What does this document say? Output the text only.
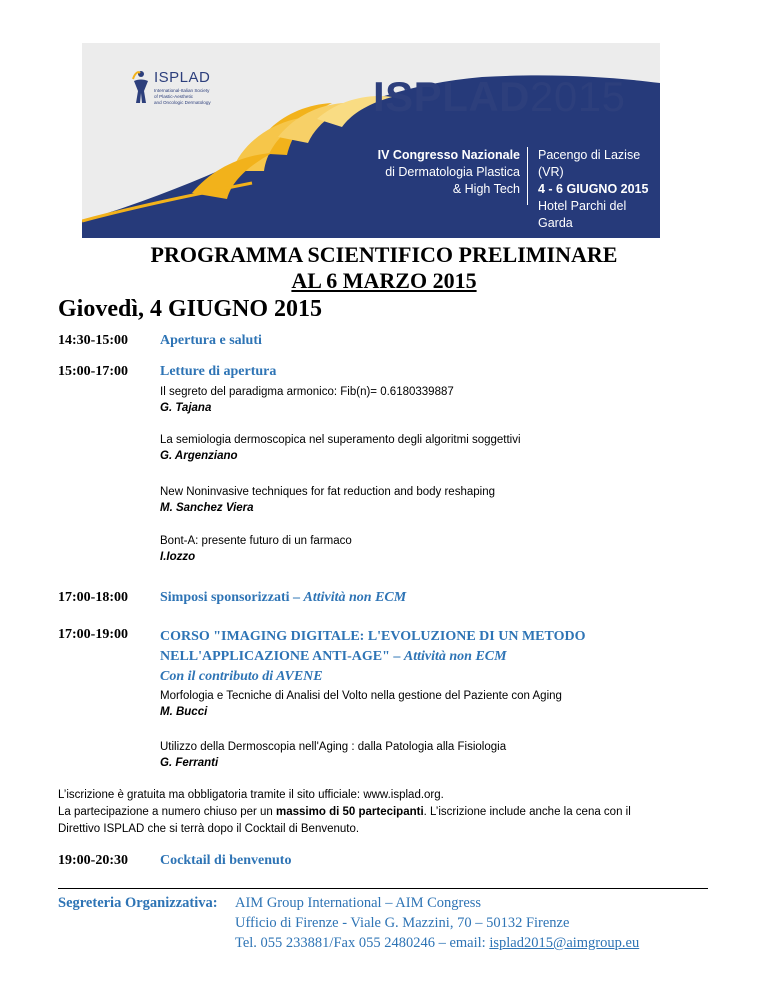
ISPLAD
International-Italian Society
of Plastic-Aesthetic
and Oncologic Dermatology	ISPLAD2015
IV Congresso Nazionale
di Dermatologia Plastica
& High Tech
Pacengo di Lazise (VR)
4 - 6 GIUGNO 2015
Hotel Parchi del Garda
PROGRAMMA SCIENTIFICO PRELIMINARE
AL 6 MARZO 2015
Giovedì, 4 GIUGNO 2015
14:30-15:00 Apertura e saluti
15:00-17:00 Letture di apertura
Il segreto del paradigma armonico: Fib(n)= 0.6180339887
G. Tajana
La semiologia dermoscopica nel superamento degli algoritmi soggettivi
G. Argenziano
New Noninvasive techniques for fat reduction and body reshaping
M. Sanchez Viera
Bont-A: presente futuro di un farmaco
I.Iozzo
17:00-18:00 Simposi sponsorizzati – Attività non ECM
17:00-19:00 CORSO "IMAGING DIGITALE: L'EVOLUZIONE DI UN METODO
NELL'APPLICAZIONE ANTI-AGE" – Attività non ECM
Con il contributo di AVENE
Morfologia e Tecniche di Analisi del Volto nella gestione del Paziente con Aging
M. Bucci
Utilizzo della Dermoscopia nell'Aging : dalla Patologia alla Fisiologia
G. Ferranti
L’iscrizione è gratuita ma obbligatoria tramite il sito ufficiale: www.isplad.org.
La partecipazione a numero chiuso per un massimo di 50 partecipanti. L’iscrizione include anche la cena con il
Direttivo ISPLAD che si terrà dopo il Cocktail di Benvenuto.
19:00-20:30 Cocktail di benvenuto
Segreteria Organizzativa: AIM Group International – AIM Congress
Ufficio di Firenze - Viale G. Mazzini, 70 – 50132 Firenze
Tel. 055 233881/Fax 055 2480246 – email: isplad2015@aimgroup.eu
